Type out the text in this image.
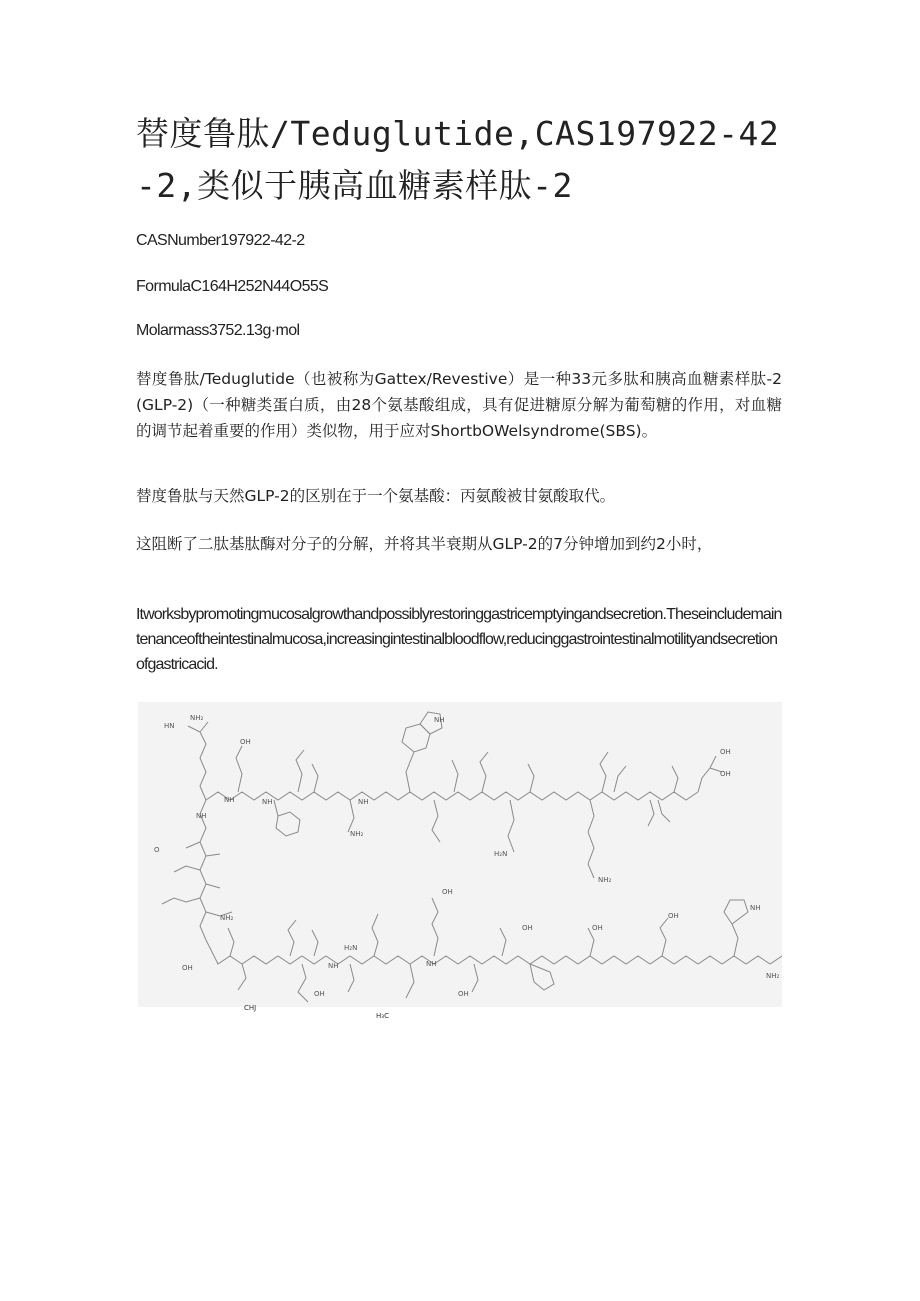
替度鲁肽/Teduglutide,CAS197922-42-2,类似于胰高血糖素样肽-2

CASNumber197922-42-2

FormulaC164H252N44O55S

Molarmass3752.13g·mol

替度鲁肽/Teduglutide（也被称为Gattex/Revestive）是一种33元多肽和胰高血糖素样肽-2(GLP-2)（一种糖类蛋白质，由28个氨基酸组成，具有促进糖原分解为葡萄糖的作用，对血糖的调节起着重要的作用）类似物，用于应对ShortbOWelsyndrome(SBS)。

替度鲁肽与天然GLP-2的区别在于一个氨基酸：丙氨酸被甘氨酸取代。

这阻断了二肽基肽酶对分子的分解，并将其半衰期从GLP-2的7分钟增加到约2小时，

Itworksbypromotingmucosalgrowthandpossiblyrestoringgastricemptyingandsecretion.Theseincludemaintenanceoftheintestinalmucosa,increasingintestinalbloodflow,reducinggastrointestinalmotilityandsecretionofgastricacid.

NH₂
HN
NH
NH
NH	NH
OH
NH
NH₂
H₂N
NH₂
OH
OH
O
NH₂
OH	NH
OH
H₂N
OH
NH
OH
OH	OH
OH
NH
NH₂
CHJ
H₃C
